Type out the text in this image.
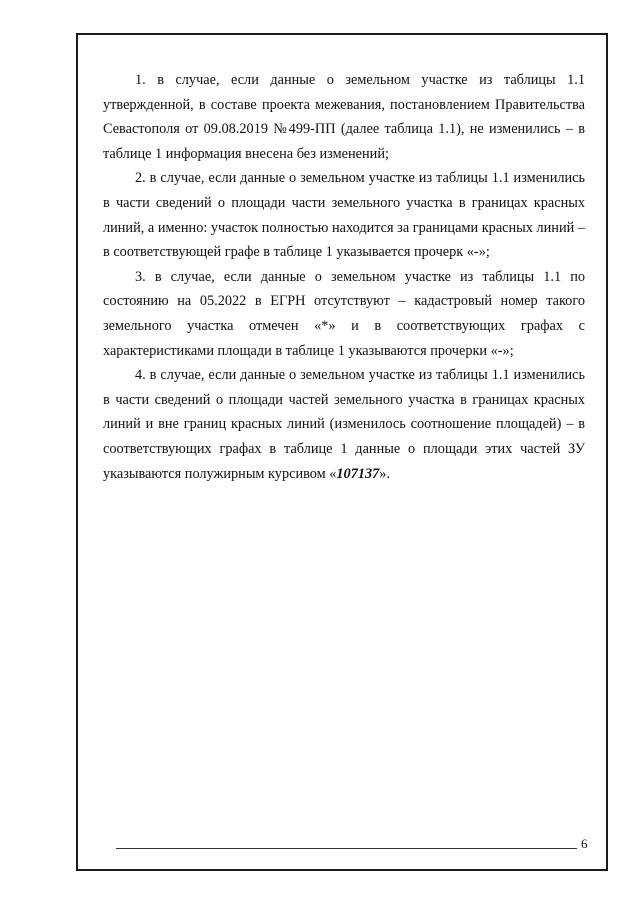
1. в случае, если данные о земельном участке из таблицы 1.1 утвержденной, в составе проекта межевания, постановлением Правительства Севастополя от 09.08.2019 №499-ПП (далее таблица 1.1), не изменились – в таблице 1 информация внесена без изменений;

2. в случае, если данные о земельном участке из таблицы 1.1 изменились в части сведений о площади части земельного участка в границах красных линий, а именно: участок полностью находится за границами красных линий – в соответствующей графе в таблице 1 указывается прочерк «-»;

3. в случае, если данные о земельном участке из таблицы 1.1 по состоянию на 05.2022 в ЕГРН отсутствуют – кадастровый номер такого земельного участка отмечен «*» и в соответствующих графах с характеристиками площади в таблице 1 указываются прочерки «-»;

4. в случае, если данные о земельном участке из таблицы 1.1 изменились в части сведений о площади частей земельного участка в границах красных линий и вне границ красных линий (изменилось соотношение площадей) – в соответствующих графах в таблице 1 данные о площади этих частей ЗУ указываются полужирным курсивом «107137».

6
